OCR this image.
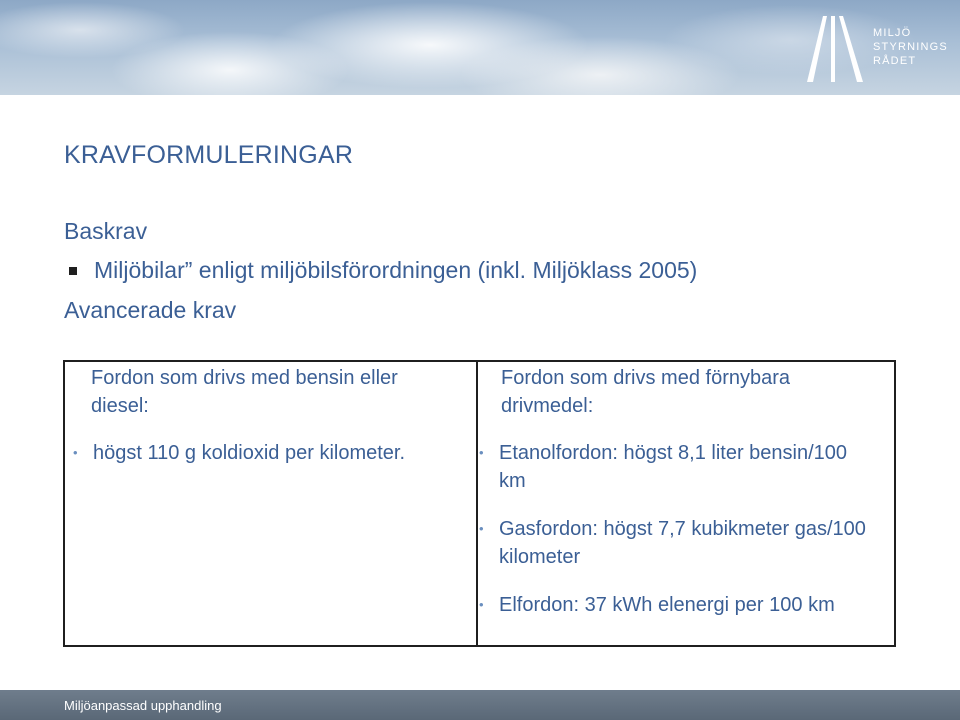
MILJÖ
STYRNINGS
RÅDET
KRAVFORMULERINGAR
Baskrav
Miljöbilar” enligt miljöbilsförordningen (inkl. Miljöklass 2005)
Avancerade krav
Fordon som drivs med bensin eller diesel:
Fordon som drivs med förnybara drivmedel:
• högst 110 g koldioxid per kilometer.	• Etanolfordon: högst 8,1 liter bensin/100 km
• Gasfordon: högst 7,7 kubikmeter gas/100 kilometer
• Elfordon: 37 kWh elenergi per 100 km
Miljöanpassad upphandling
